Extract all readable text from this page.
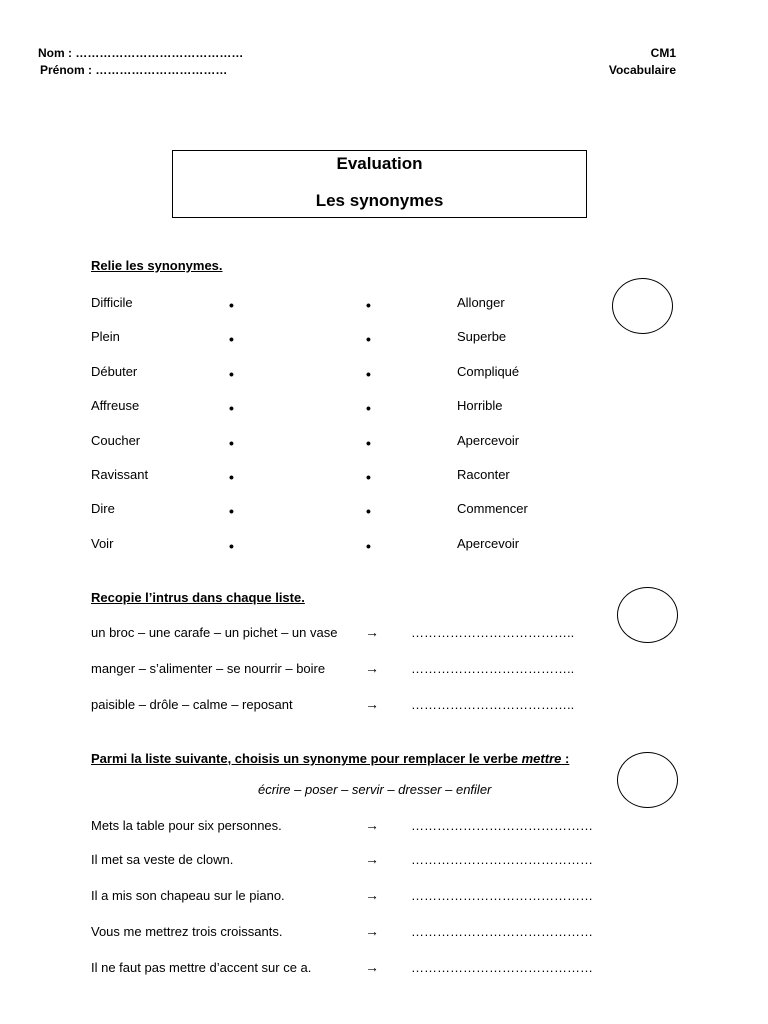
Nom : ……………………………………
Prénom : ……………………………
CM1
Vocabulaire
Evaluation
Les synonymes
Relie les synonymes.
Difficile	•	•	Allonger
Plein	•	•	Superbe
Débuter	•	•	Compliqué
Affreuse	•	•	Horrible
Coucher	•	•	Apercevoir
Ravissant	•	•	Raconter
Dire	•	•	Commencer
Voir	•	•	Apercevoir
Recopie l’intrus dans chaque liste.
un broc – une carafe – un pichet – un vase → ………………………………..
manger – s’alimenter – se nourrir – boire	→ ………………………………..
paisible – drôle – calme – reposant	→ ………………………………..
Parmi la liste suivante, choisis un synonyme pour remplacer le verbe mettre :
écrire – poser – servir – dresser – enfiler
Mets la table pour six personnes.	→ ……………………………………
Il met sa veste de clown.	→ ……………………………………
Il a mis son chapeau sur le piano.	→ ……………………………………
Vous me mettrez trois croissants.	→ ……………………………………
Il ne faut pas mettre d’accent sur ce a.	→ ……………………………………
